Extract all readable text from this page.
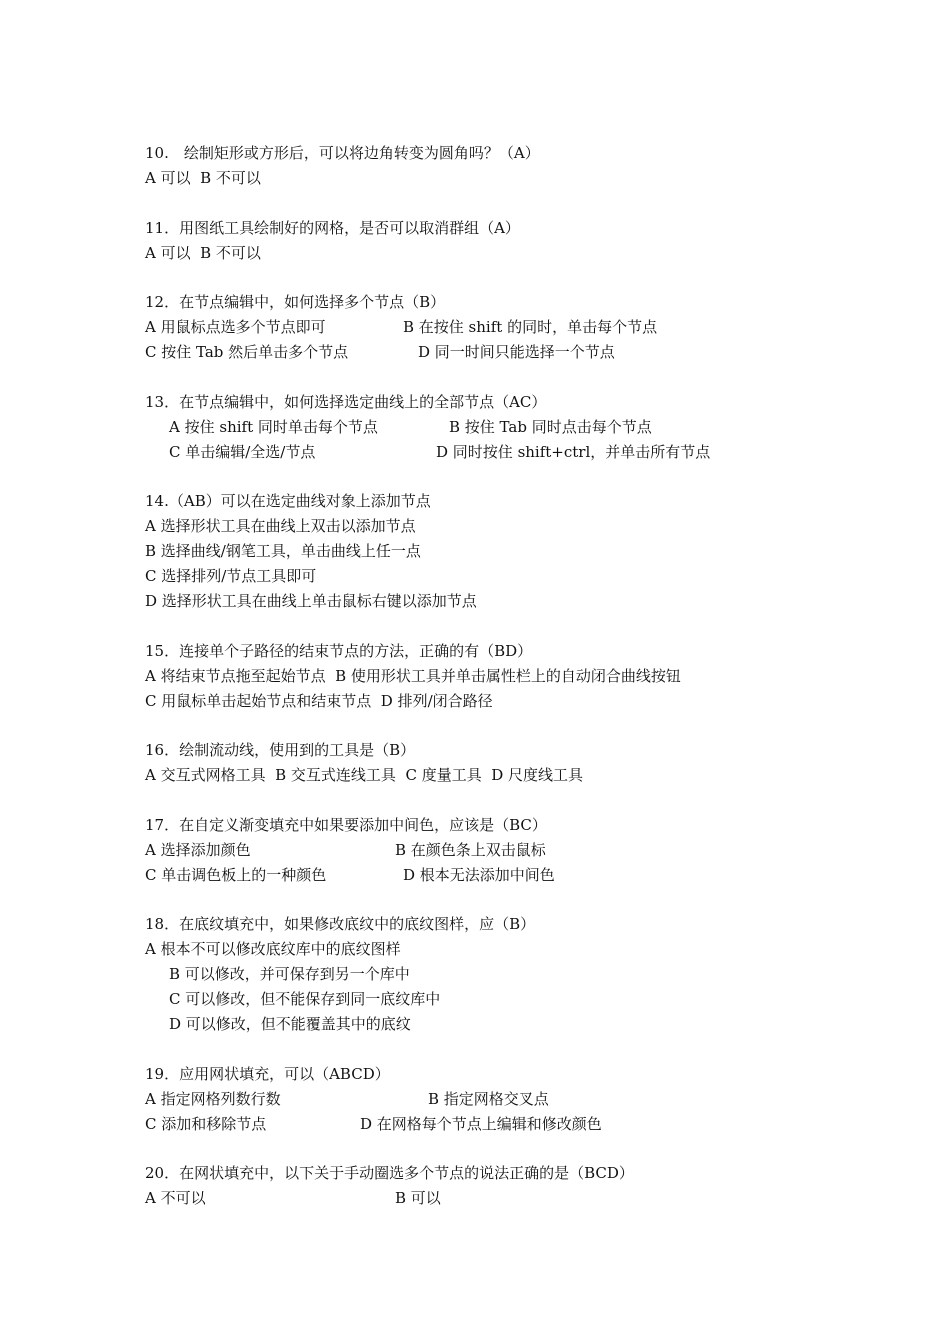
10.　绘制矩形或方形后，可以将边角转变为圆角吗？（A）
A 可以  B 不可以
11．用图纸工具绘制好的网格，是否可以取消群组（A）
A 可以  B 不可以
12．在节点编辑中，如何选择多个节点（B）
A 用鼠标点选多个节点即可	B 在按住 shift 的同时，单击每个节点
C 按住 Tab 然后单击多个节点	D 同一时间只能选择一个节点
13．在节点编辑中，如何选择选定曲线上的全部节点（AC）
A 按住 shift 同时单击每个节点	B 按住 Tab 同时点击每个节点
C 单击编辑/全选/节点	D 同时按住 shift+ctrl，并单击所有节点
14.（AB）可以在选定曲线对象上添加节点
A 选择形状工具在曲线上双击以添加节点
B 选择曲线/钢笔工具，单击曲线上任一点
C 选择排列/节点工具即可
D 选择形状工具在曲线上单击鼠标右键以添加节点
15．连接单个子路径的结束节点的方法，正确的有（BD）
A 将结束节点拖至起始节点  B 使用形状工具并单击属性栏上的自动闭合曲线按钮
C 用鼠标单击起始节点和结束节点  D 排列/闭合路径
16．绘制流动线，使用到的工具是（B）
A 交互式网格工具  B 交互式连线工具  C 度量工具  D 尺度线工具
17．在自定义渐变填充中如果要添加中间色，应该是（BC）
A 选择添加颜色	B 在颜色条上双击鼠标
C 单击调色板上的一种颜色	D 根本无法添加中间色
18．在底纹填充中，如果修改底纹中的底纹图样，应（B）
A 根本不可以修改底纹库中的底纹图样
B 可以修改，并可保存到另一个库中
C 可以修改，但不能保存到同一底纹库中
D 可以修改，但不能覆盖其中的底纹
19．应用网状填充，可以（ABCD）
A 指定网格列数行数	B 指定网格交叉点
C 添加和移除节点	D 在网格每个节点上编辑和修改颜色
20．在网状填充中，以下关于手动圈选多个节点的说法正确的是（BCD）
A 不可以	B 可以
